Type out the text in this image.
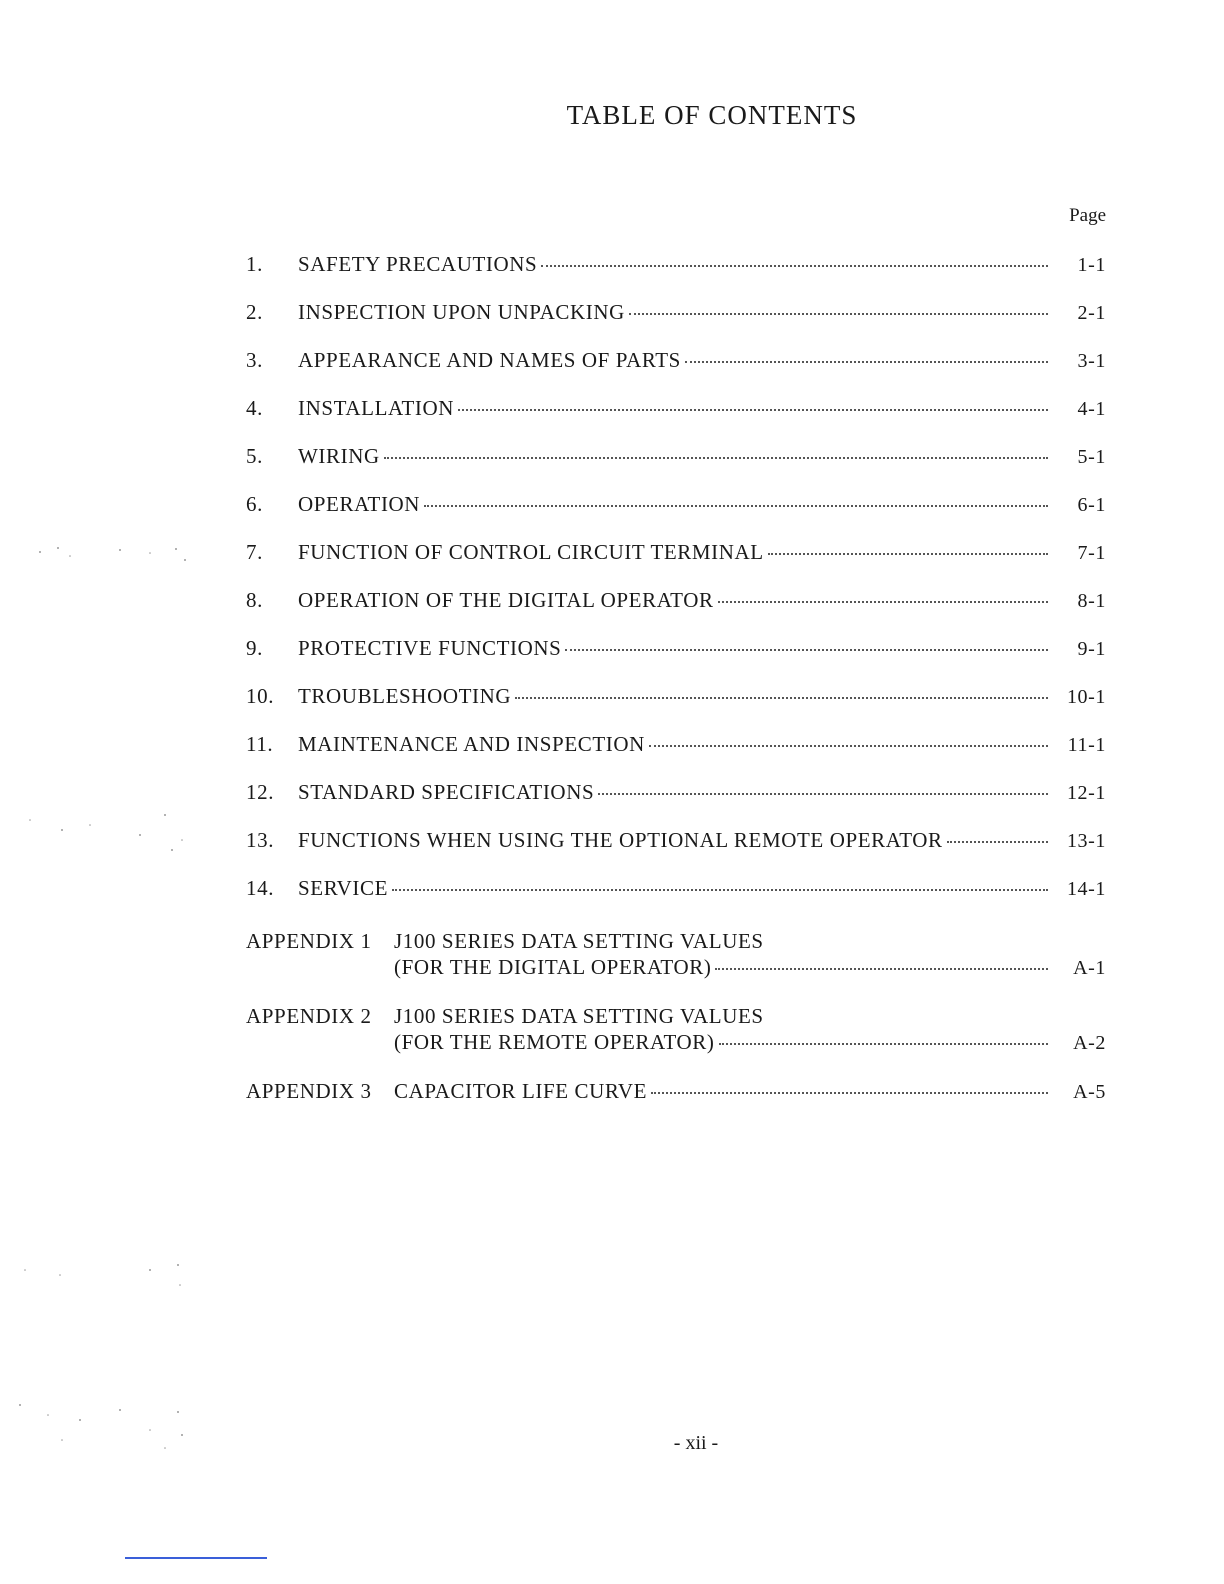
TABLE OF CONTENTS
Page
1.	SAFETY PRECAUTIONS	1-1
2.	INSPECTION UPON UNPACKING	2-1
3.	APPEARANCE AND NAMES OF PARTS	3-1
4.	INSTALLATION	4-1
5.	WIRING	5-1
6.	OPERATION	6-1
7.	FUNCTION OF CONTROL CIRCUIT TERMINAL	7-1
8.	OPERATION OF THE DIGITAL OPERATOR	8-1
9.	PROTECTIVE FUNCTIONS	9-1
10.	TROUBLESHOOTING	10-1
11.	MAINTENANCE AND INSPECTION	11-1
12.	STANDARD SPECIFICATIONS	12-1
13.	FUNCTIONS WHEN USING THE OPTIONAL REMOTE OPERATOR	13-1
14.	SERVICE	14-1
APPENDIX 1	J100 SERIES DATA SETTING VALUES
(FOR THE DIGITAL OPERATOR)	A-1
APPENDIX 2	J100 SERIES DATA SETTING VALUES
(FOR THE REMOTE OPERATOR)	A-2
APPENDIX 3	CAPACITOR LIFE CURVE	A-5
- xii -
